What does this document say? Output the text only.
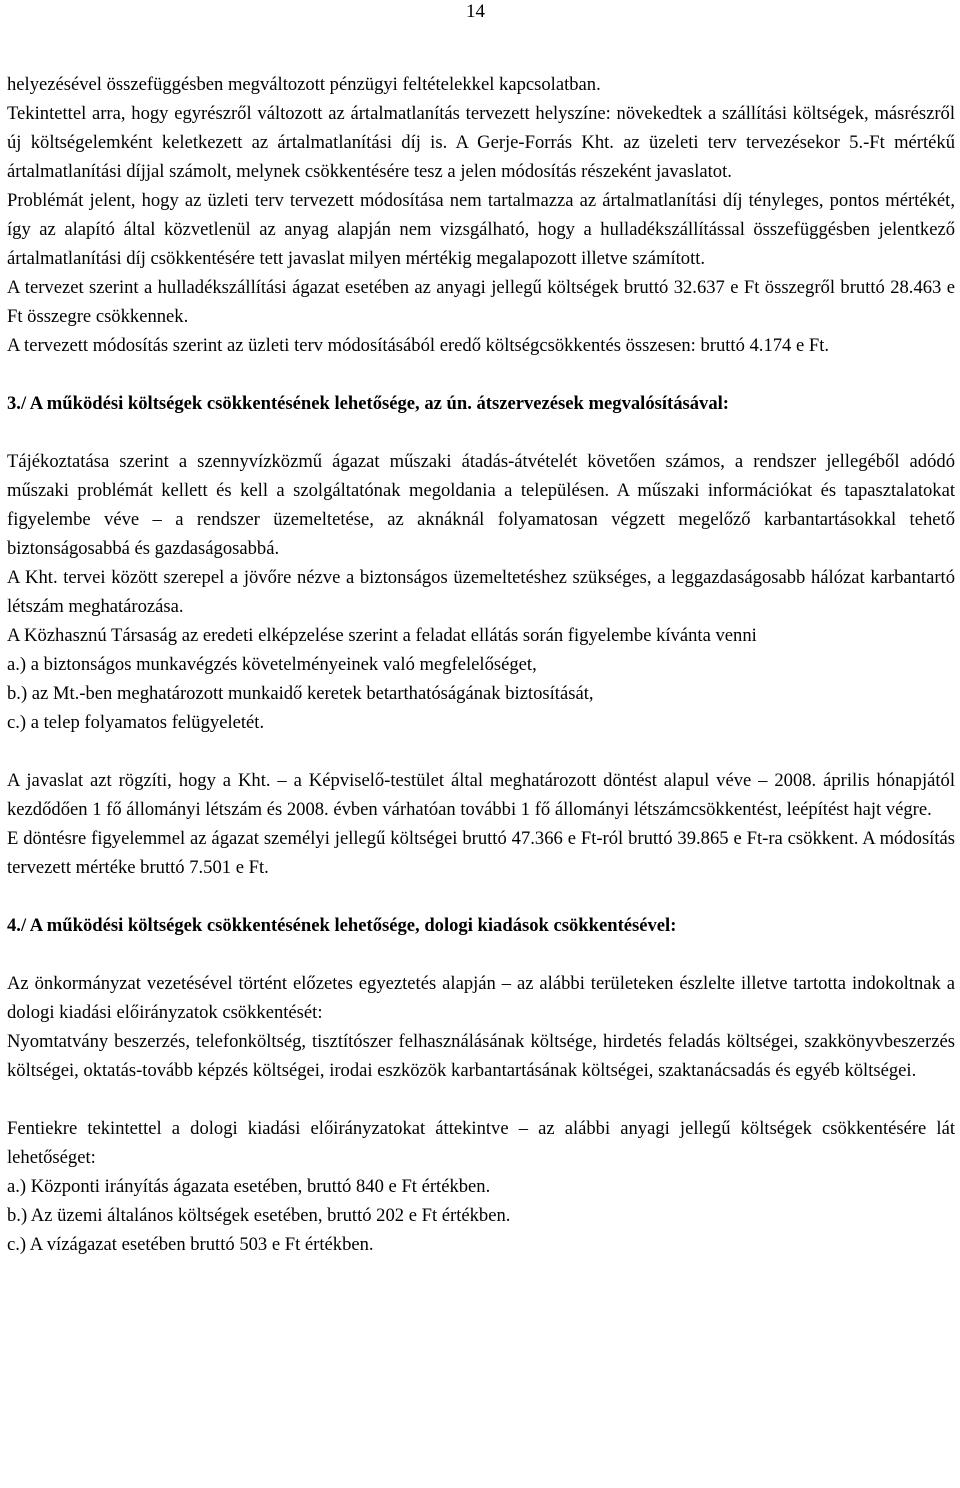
14

helyezésével összefüggésben megváltozott pénzügyi feltételekkel kapcsolatban.

Tekintettel arra, hogy egyrészről változott az ártalmatlanítás tervezett helyszíne: növekedtek a szállítási költségek, másrészről új költségelemként keletkezett az ártalmatlanítási díj is. A Gerje-Forrás Kht. az üzeleti terv tervezésekor 5.-Ft mértékű ártalmatlanítási díjjal számolt, melynek csökkentésére tesz a jelen módosítás részeként javaslatot.

Problémát jelent, hogy az üzleti terv tervezett módosítása nem tartalmazza az ártalmatlanítási díj tényleges, pontos mértékét, így az alapító által közvetlenül az anyag alapján nem vizsgálható, hogy a hulladékszállítással összefüggésben jelentkező ártalmatlanítási díj csökkentésére tett javaslat milyen mértékig megalapozott illetve számított.

A tervezet szerint a hulladékszállítási ágazat esetében az anyagi jellegű költségek bruttó 32.637 e Ft összegről bruttó 28.463 e Ft összegre csökkennek.

A tervezett módosítás szerint az üzleti terv módosításából eredő költségcsökkentés összesen: bruttó 4.174 e Ft.

3./ A működési költségek csökkentésének lehetősége, az ún. átszervezések megvalósításával:

Tájékoztatása szerint a szennyvízközmű ágazat műszaki átadás-átvételét követően számos, a rendszer jellegéből adódó műszaki problémát kellett és kell a szolgáltatónak megoldania a településen. A műszaki információkat és tapasztalatokat figyelembe véve – a rendszer üzemeltetése, az aknáknál folyamatosan végzett megelőző karbantartásokkal tehető biztonságosabbá és gazdaságosabbá.

A Kht. tervei között szerepel a jövőre nézve a biztonságos üzemeltetéshez szükséges, a leggazdaságosabb hálózat karbantartó létszám meghatározása.

A Közhasznú Társaság az eredeti elképzelése szerint a feladat ellátás során figyelembe kívánta venni

a.) a biztonságos munkavégzés követelményeinek való megfelelőséget,

b.) az Mt.-ben meghatározott munkaidő keretek betarthatóságának biztosítását,

c.) a telep folyamatos felügyeletét.

A javaslat azt rögzíti, hogy a Kht. – a Képviselő-testület által meghatározott döntést alapul véve – 2008. április hónapjától kezdődően 1 fő állományi létszám és 2008. évben várhatóan további 1 fő állományi létszámcsökkentést, leépítést hajt végre.

E döntésre figyelemmel az ágazat személyi jellegű költségei bruttó 47.366 e Ft-ról bruttó 39.865 e Ft-ra csökkent. A módosítás tervezett mértéke bruttó 7.501 e Ft.

4./ A működési költségek csökkentésének lehetősége, dologi kiadások csökkentésével:

Az önkormányzat vezetésével történt előzetes egyeztetés alapján – az alábbi területeken észlelte illetve tartotta indokoltnak a dologi kiadási előirányzatok csökkentését:

Nyomtatvány beszerzés, telefonköltség, tisztítószer felhasználásának költsége, hirdetés feladás költségei, szakkönyvbeszerzés költségei, oktatás-tovább képzés költségei, irodai eszközök karbantartásának költségei, szaktanácsadás és egyéb költségei.

Fentiekre tekintettel a dologi kiadási előirányzatokat áttekintve – az alábbi anyagi jellegű költségek csökkentésére lát lehetőséget:

a.) Központi irányítás ágazata esetében, bruttó 840 e Ft értékben.

b.) Az üzemi általános költségek esetében, bruttó 202 e Ft értékben.

c.) A vízágazat esetében bruttó 503 e Ft értékben.
